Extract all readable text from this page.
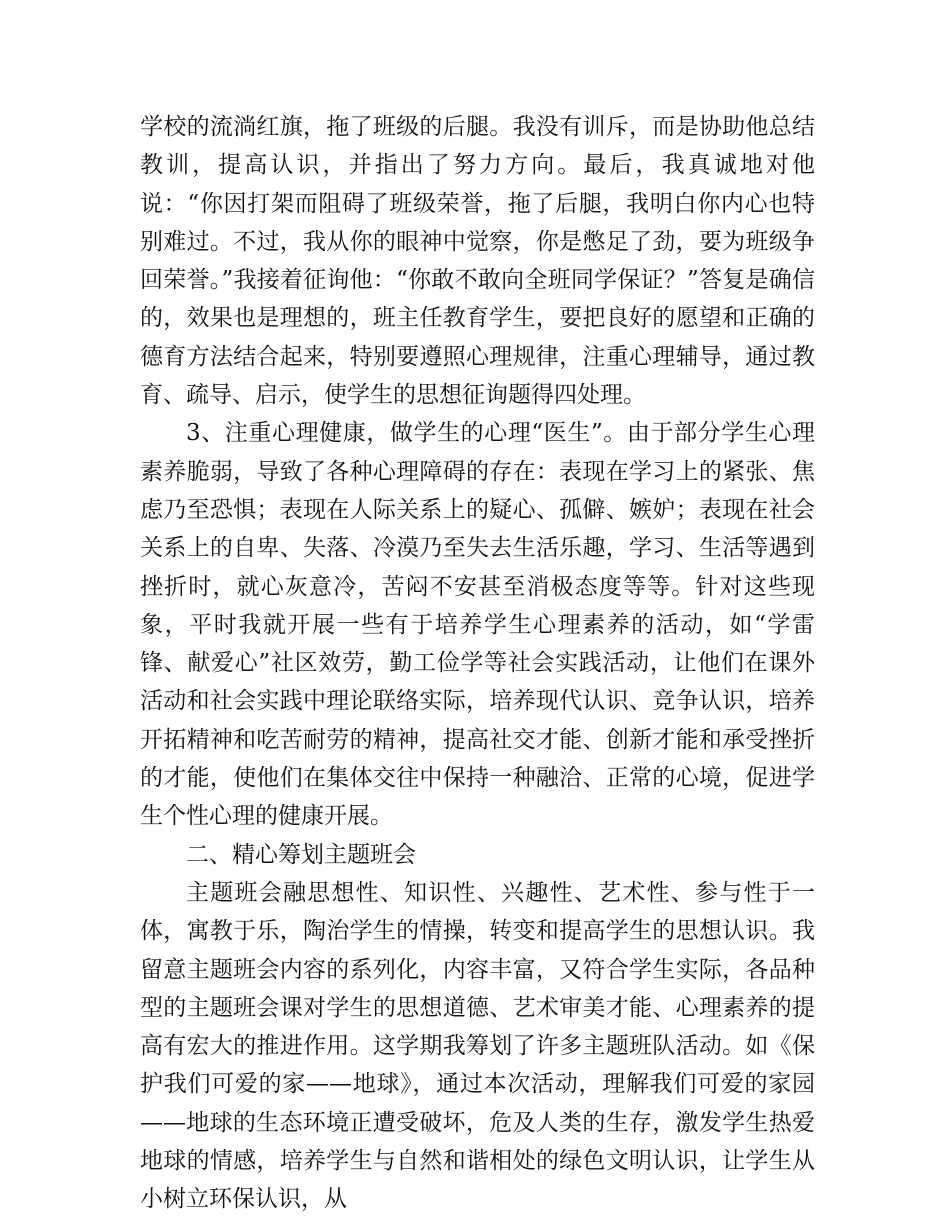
学校的流淌红旗，拖了班级的后腿。我没有训斥，而是协助他总结教训，提高认识，并指出了努力方向。最后，我真诚地对他说：“你因打架而阻碍了班级荣誉，拖了后腿，我明白你内心也特别难过。不过，我从你的眼神中觉察，你是憋足了劲，要为班级争回荣誉。”我接着征询他：“你敢不敢向全班同学保证？”答复是确信的，效果也是理想的，班主任教育学生，要把良好的愿望和正确的德育方法结合起来，特别要遵照心理规律，注重心理辅导，通过教育、疏导、启示，使学生的思想征询题得四处理。

3、注重心理健康，做学生的心理“医生”。由于部分学生心理素养脆弱，导致了各种心理障碍的存在：表现在学习上的紧张、焦虑乃至恐惧；表现在人际关系上的疑心、孤僻、嫉妒；表现在社会关系上的自卑、失落、冷漠乃至失去生活乐趣，学习、生活等遇到挫折时，就心灰意冷，苦闷不安甚至消极态度等等。针对这些现象，平时我就开展一些有于培养学生心理素养的活动，如“学雷锋、献爱心”社区效劳，勤工俭学等社会实践活动，让他们在课外活动和社会实践中理论联络实际，培养现代认识、竞争认识，培养开拓精神和吃苦耐劳的精神，提高社交才能、创新才能和承受挫折的才能，使他们在集体交往中保持一种融洽、正常的心境，促进学生个性心理的健康开展。

二、精心筹划主题班会

主题班会融思想性、知识性、兴趣性、艺术性、参与性于一体，寓教于乐，陶治学生的情操，转变和提高学生的思想认识。我留意主题班会内容的系列化，内容丰富，又符合学生实际，各品种型的主题班会课对学生的思想道德、艺术审美才能、心理素养的提高有宏大的推进作用。这学期我筹划了许多主题班队活动。如《保护我们可爱的家——地球》，通过本次活动，理解我们可爱的家园——地球的生态环境正遭受破坏，危及人类的生存，激发学生热爱地球的情感，培养学生与自然和谐相处的绿色文明认识，让学生从小树立环保认识，从
